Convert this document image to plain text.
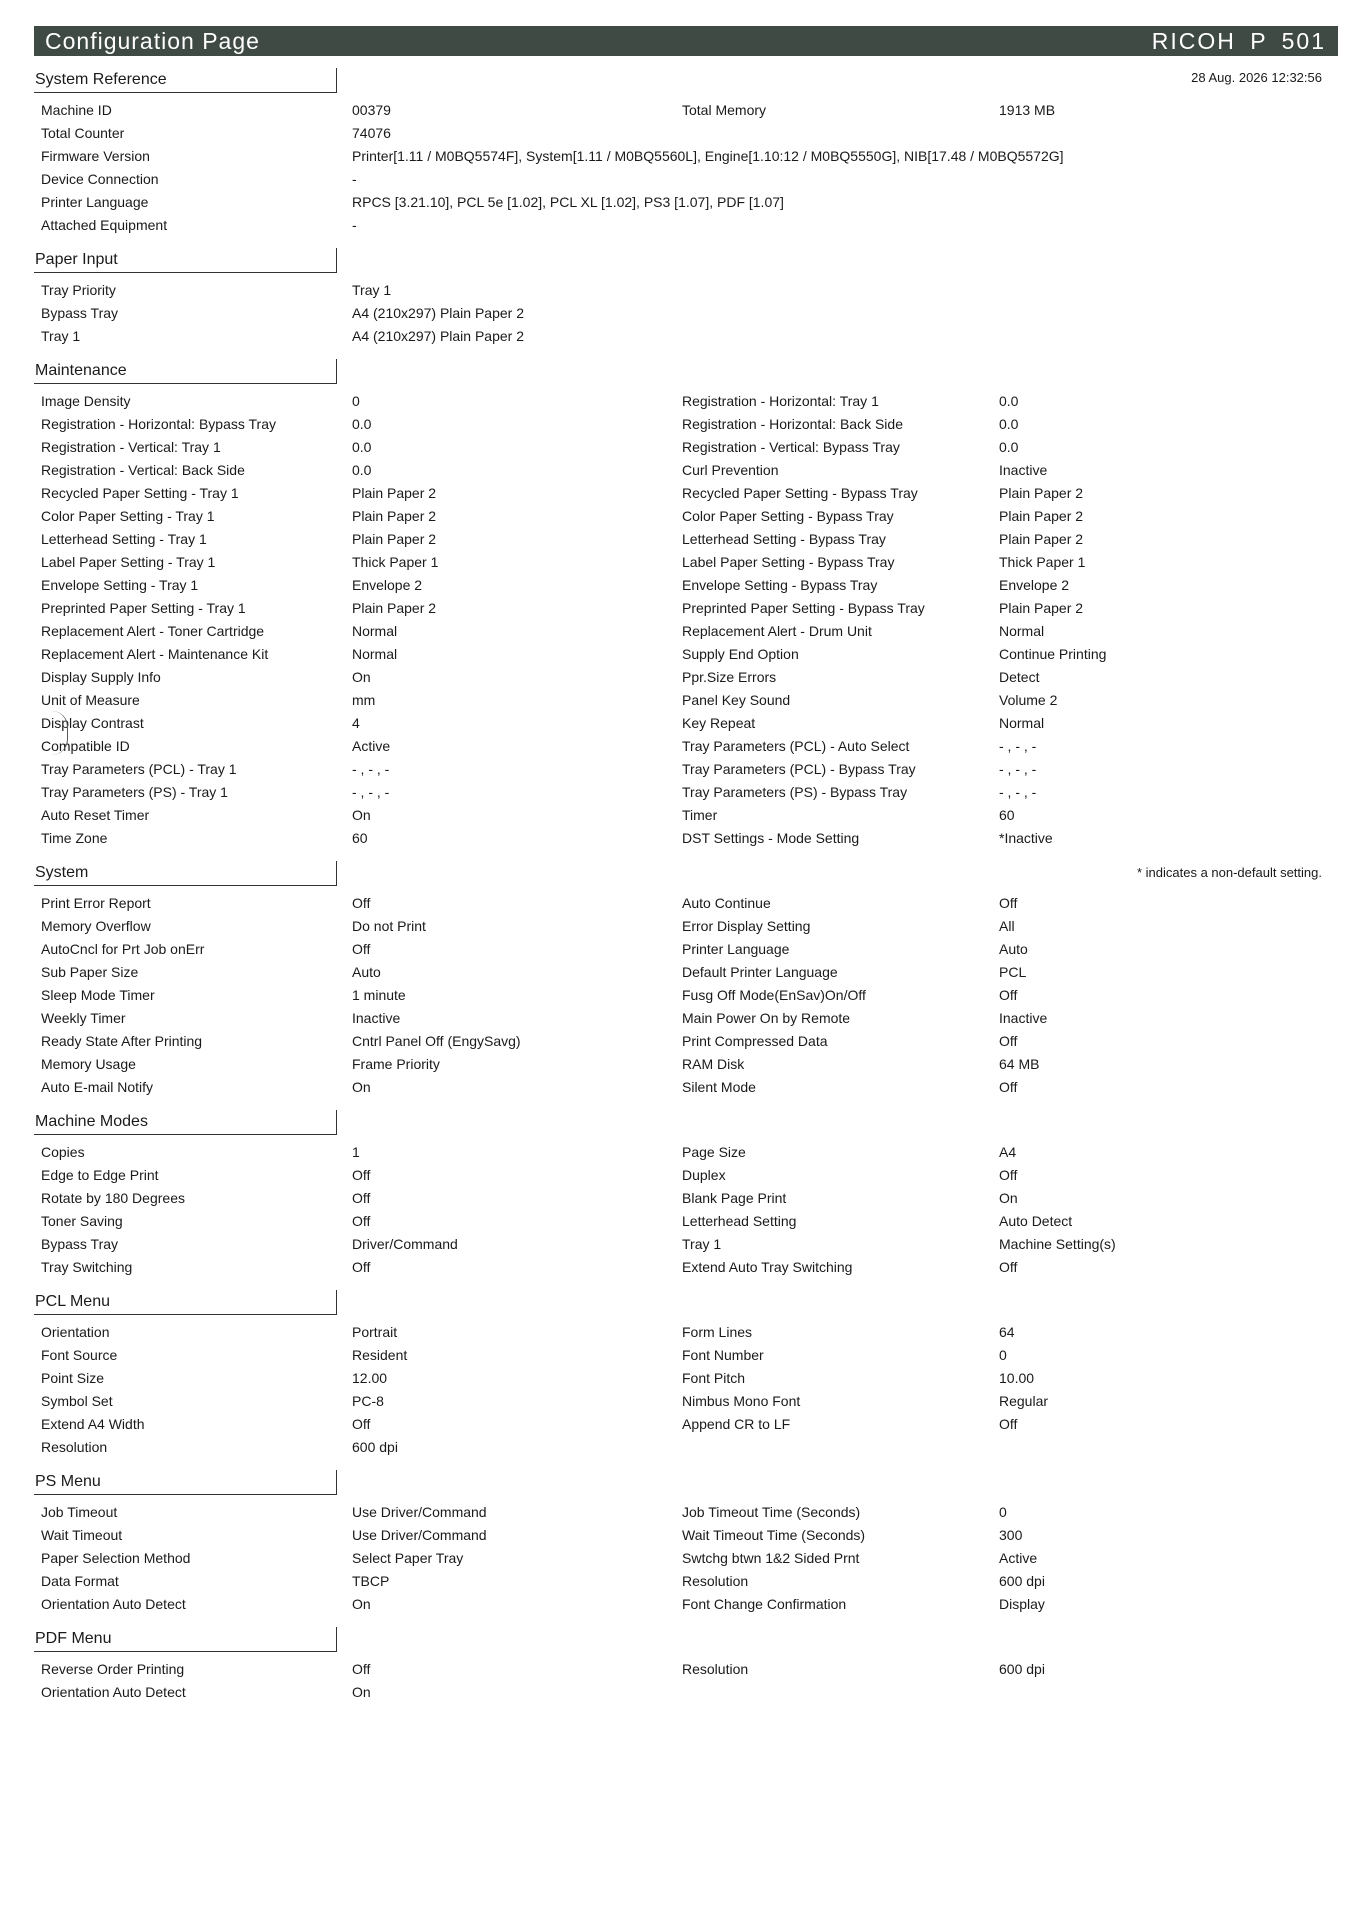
Configuration Page	RICOH P 501
System Reference	28 Aug. 2026 12:32:56
Machine ID	00379	Total Memory	1913 MB
Total Counter	74076
Firmware Version	Printer[1.11 / M0BQ5574F], System[1.11 / M0BQ5560L], Engine[1.10:12 / M0BQ5550G], NIB[17.48 / M0BQ5572G]
Device Connection	-
Printer Language	RPCS [3.21.10], PCL 5e [1.02], PCL XL [1.02], PS3 [1.07], PDF [1.07]
Attached Equipment	-
Paper Input
Tray Priority	Tray 1
Bypass Tray	A4 (210x297) Plain Paper 2
Tray 1	A4 (210x297) Plain Paper 2
Maintenance
Image Density	0	Registration - Horizontal: Tray 1	0.0
Registration - Horizontal: Bypass Tray	0.0	Registration - Horizontal: Back Side	0.0
Registration - Vertical: Tray 1	0.0	Registration - Vertical: Bypass Tray	0.0
Registration - Vertical: Back Side	0.0	Curl Prevention	Inactive
Recycled Paper Setting - Tray 1	Plain Paper 2	Recycled Paper Setting - Bypass Tray	Plain Paper 2
Color Paper Setting - Tray 1	Plain Paper 2	Color Paper Setting - Bypass Tray	Plain Paper 2
Letterhead Setting - Tray 1	Plain Paper 2	Letterhead Setting - Bypass Tray	Plain Paper 2
Label Paper Setting - Tray 1	Thick Paper 1	Label Paper Setting - Bypass Tray	Thick Paper 1
Envelope Setting - Tray 1	Envelope 2	Envelope Setting - Bypass Tray	Envelope 2
Preprinted Paper Setting - Tray 1	Plain Paper 2	Preprinted Paper Setting - Bypass Tray	Plain Paper 2
Replacement Alert - Toner Cartridge	Normal	Replacement Alert - Drum Unit	Normal
Replacement Alert - Maintenance Kit	Normal	Supply End Option	Continue Printing
Display Supply Info	On	Ppr.Size Errors	Detect
Unit of Measure	mm	Panel Key Sound	Volume 2
Display Contrast	4	Key Repeat	Normal
Compatible ID	Active	Tray Parameters (PCL) - Auto Select	- , - , -
Tray Parameters (PCL) - Tray 1	- , - , -	Tray Parameters (PCL) - Bypass Tray	- , - , -
Tray Parameters (PS) - Tray 1	- , - , -	Tray Parameters (PS) - Bypass Tray	- , - , -
Auto Reset Timer	On	Timer	60
Time Zone	60	DST Settings - Mode Setting	*Inactive
System	* indicates a non-default setting.
Print Error Report	Off	Auto Continue	Off
Memory Overflow	Do not Print	Error Display Setting	All
AutoCncl for Prt Job onErr	Off	Printer Language	Auto
Sub Paper Size	Auto	Default Printer Language	PCL
Sleep Mode Timer	1 minute	Fusg Off Mode(EnSav)On/Off	Off
Weekly Timer	Inactive	Main Power On by Remote	Inactive
Ready State After Printing	Cntrl Panel Off (EngySavg)	Print Compressed Data	Off
Memory Usage	Frame Priority	RAM Disk	64 MB
Auto E-mail Notify	On	Silent Mode	Off
Machine Modes
Copies	1	Page Size	A4
Edge to Edge Print	Off	Duplex	Off
Rotate by 180 Degrees	Off	Blank Page Print	On
Toner Saving	Off	Letterhead Setting	Auto Detect
Bypass Tray	Driver/Command	Tray 1	Machine Setting(s)
Tray Switching	Off	Extend Auto Tray Switching	Off
PCL Menu
Orientation	Portrait	Form Lines	64
Font Source	Resident	Font Number	0
Point Size	12.00	Font Pitch	10.00
Symbol Set	PC-8	Nimbus Mono Font	Regular
Extend A4 Width	Off	Append CR to LF	Off
Resolution	600 dpi
PS Menu
Job Timeout	Use Driver/Command	Job Timeout Time (Seconds)	0
Wait Timeout	Use Driver/Command	Wait Timeout Time (Seconds)	300
Paper Selection Method	Select Paper Tray	Swtchg btwn 1&2 Sided Prnt	Active
Data Format	TBCP	Resolution	600 dpi
Orientation Auto Detect	On	Font Change Confirmation	Display
PDF Menu
Reverse Order Printing	Off	Resolution	600 dpi
Orientation Auto Detect	On
